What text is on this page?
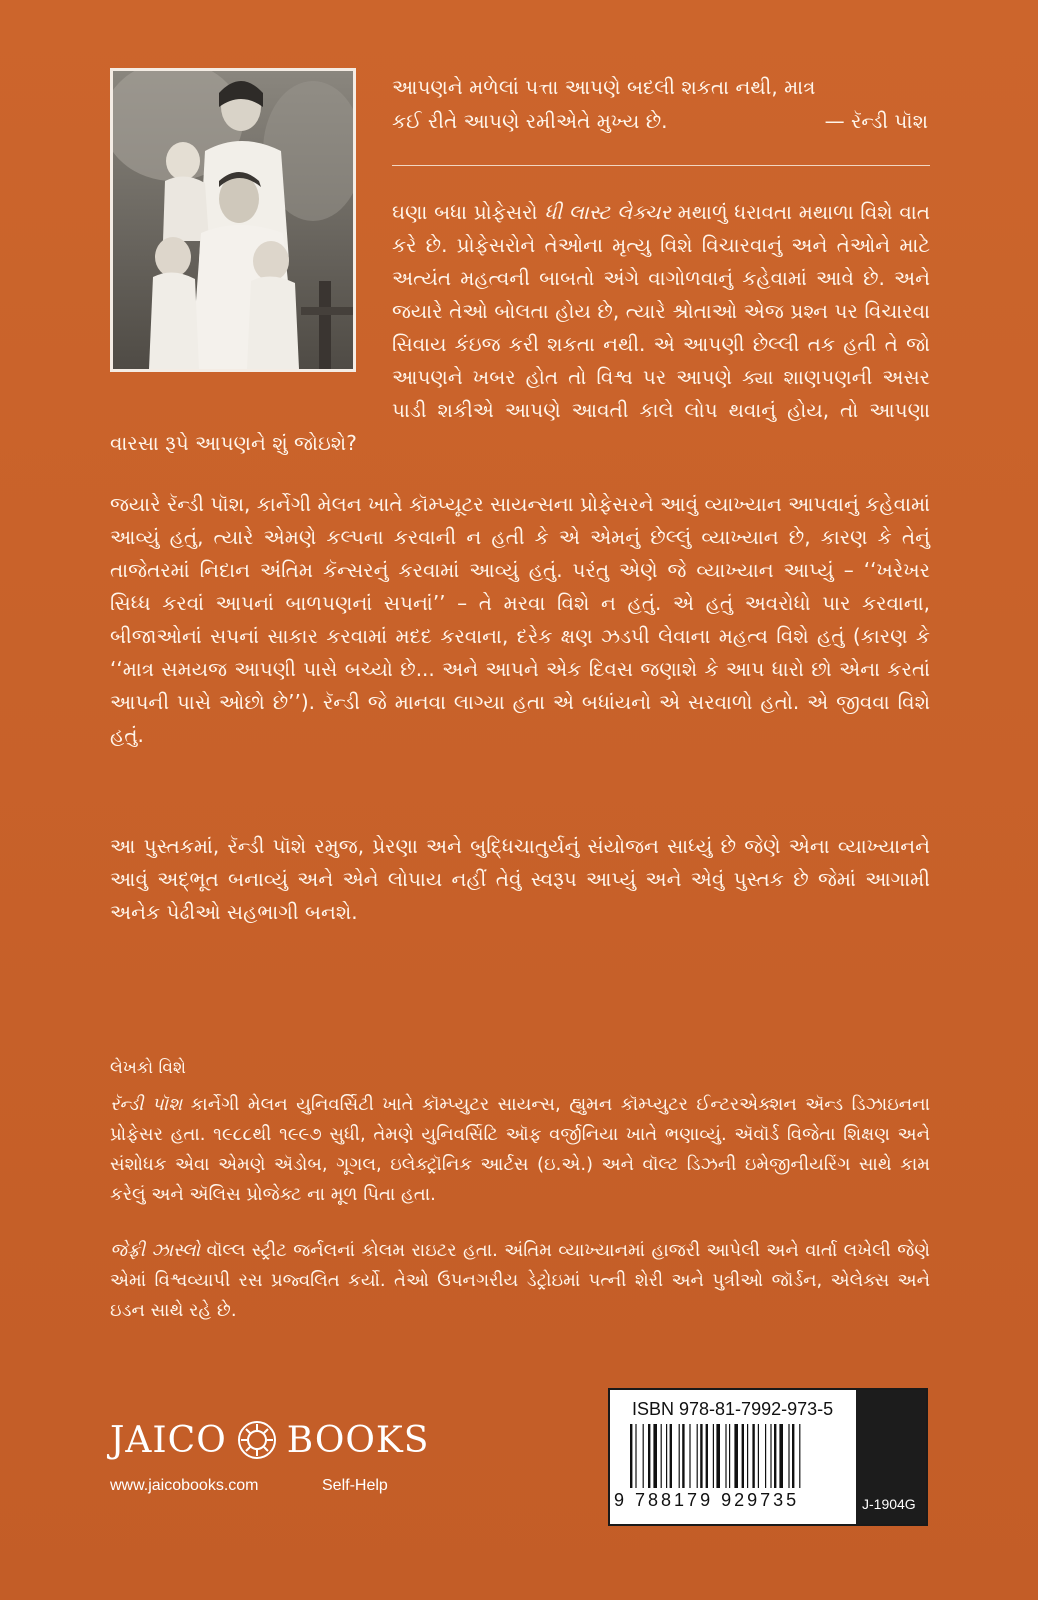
આપણને મળેલાં પત્તા આપણે બદલી શકતા નથી, માત્ર
કઈ રીતે આપણે રમીએતે મુખ્ય છે.	— રૅન્ડી પૉશ

ઘણા બધા પ્રોફેસરો ધી લાસ્ટ લેક્ચર મથાળું ધરાવતા મથાળા વિશે વાત કરે છે. પ્રોફેસરોને તેઓના મૃત્યુ વિશે વિચારવાનું અને તેઓને માટે અત્યંત મહત્વની બાબતો અંગે વાગોળવાનું કહેવામાં આવે છે. અને જયારે તેઓ બોલતા હોય છે, ત્યારે શ્રોતાઓ એજ પ્રશ્ન પર વિચારવા સિવાય કંઇજ કરી શકતા નથી. એ આપણી છેલ્લી તક હતી તે જો આપણને ખબર હોત તો વિશ્વ પર આપણે ક્યા શાણપણની અસર પાડી શકીએ આપણે આવતી કાલે લોપ થવાનું હોય, તો આપણા વારસા રૂપે આપણને શું જોઇશે?

જયારે રૅન્ડી પૉશ, કાર્નેગી મેલન ખાતે કૉમ્પ્યૂટર સાયન્સના પ્રોફેસરને આવું વ્યાખ્યાન આપવાનું કહેવામાં આવ્યું હતું, ત્યારે એમણે કલ્પના કરવાની ન હતી કે એ એમનું છેલ્લું વ્યાખ્યાન છે, કારણ કે તેનું તાજેતરમાં નિદાન અંતિમ કૅન્સરનું કરવામાં આવ્યું હતું. પરંતુ એણે જે વ્યાખ્યાન આપ્યું – ‘‘ખરેખર સિધ્ધ કરવાં આપનાં બાળપણનાં સપનાં’’ – તે મરવા વિશે ન હતું. એ હતું અવરોધો પાર કરવાના, બીજાઓનાં સપનાં સાકાર કરવામાં મદદ કરવાના, દરેક ક્ષણ ઝડપી લેવાના મહત્વ વિશે હતું (કારણ કે ‘‘માત્ર સમયજ આપણી પાસે બચ્યો છે... અને આપને એક દિવસ જણાશે કે આપ ધારો છો એના કરતાં આપની પાસે ઓછો છે’’). રૅન્ડી જે માનવા લાગ્યા હતા એ બધાંયનો એ સરવાળો હતો. એ જીવવા વિશે હતું.

આ પુસ્તકમાં, રૅન્ડી પૉશે રમુજ, પ્રેરણા અને બુદ્ધિચાતુર્યનું સંયોજન સાધ્યું છે જેણે એના વ્યાખ્યાનને આવું અદ્‌ભૂત બનાવ્યું અને એને લોપાય નહીં તેવું સ્વરૂપ આપ્યું અને એવું પુસ્તક છે જેમાં આગામી અનેક પેઢીઓ સહભાગી બનશે.

લેખકો વિશે

રૅન્ડી પૉશ કાર્નેગી મેલન યુનિવર્સિટી ખાતે કૉમ્પ્યુટર સાયન્સ, હ્યુમન કૉમ્પ્યુટર ઈન્ટરએક્શન ઍન્ડ ડિઝાઇનના પ્રોફેસર હતા. ૧૯૮૮થી ૧૯૯૭ સુધી, તેમણે યુનિવર્સિટિ ઑફ વર્જીનિયા ખાતે ભણાવ્યું. ઍવૉર્ડ વિજેતા શિક્ષણ અને સંશોધક એવા એમણે ઍડોબ, ગૂગલ, ઇલેક્ટ્રૉનિક આર્ટસ (ઇ.એ.) અને વૉલ્ટ ડિઝની ઇમેજીનીયરિંગ સાથે કામ કરેલું અને ઍલિસ પ્રોજેક્ટ ના મૂળ પિતા હતા.

જેફ્રી ઝાસ્લો વૉલ્લ સ્ટ્રીટ જર્નલનાં કોલમ રાઇટર હતા. અંતિમ વ્યાખ્યાનમાં હાજરી આપેલી અને વાર્તા લખેલી જેણે એમાં વિશ્વવ્યાપી રસ પ્રજ્વલિત કર્યો. તેઓ ઉપનગરીય ડેટ્રોઇમાં પત્ની શેરી અને પુત્રીઓ જૉર્ડન, એલેક્સ અને ઇડન સાથે રહે છે.

JAICO BOOKS
www.jaicobooks.com	Self-Help
ISBN 978-81-7992-973-5
9 788179 929735	J-1904G
